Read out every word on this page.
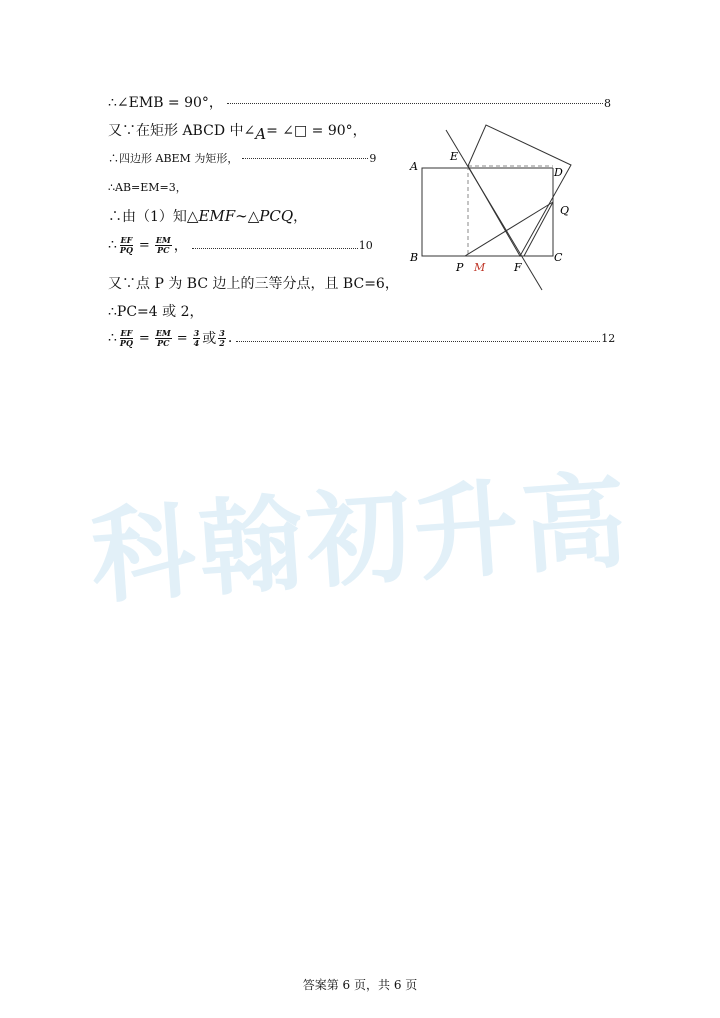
∴∠EMB = 90°，	8
又∵在矩形 ABCD 中∠ A = ∠□ = 90°，
∴四边形 ABEM 为矩形，	9
∴AB=EM=3，
∴由（1）知 △EMF∼△PCQ ，
∴ $\frac{EF}{PQ} = \frac{EM}{PC}$ ，	10
又∵点 P 为 BC 边上的三等分点，且 BC=6，
∴PC=4 或 2，
∴ $\frac{EF}{PQ} = \frac{EM}{PC} = \frac{3}{4}$ 或 $\frac{3}{2}$ .	12
A
E
D
Q
B
P M	F
C
科翰初升高
答案第 6 页，共 6 页
